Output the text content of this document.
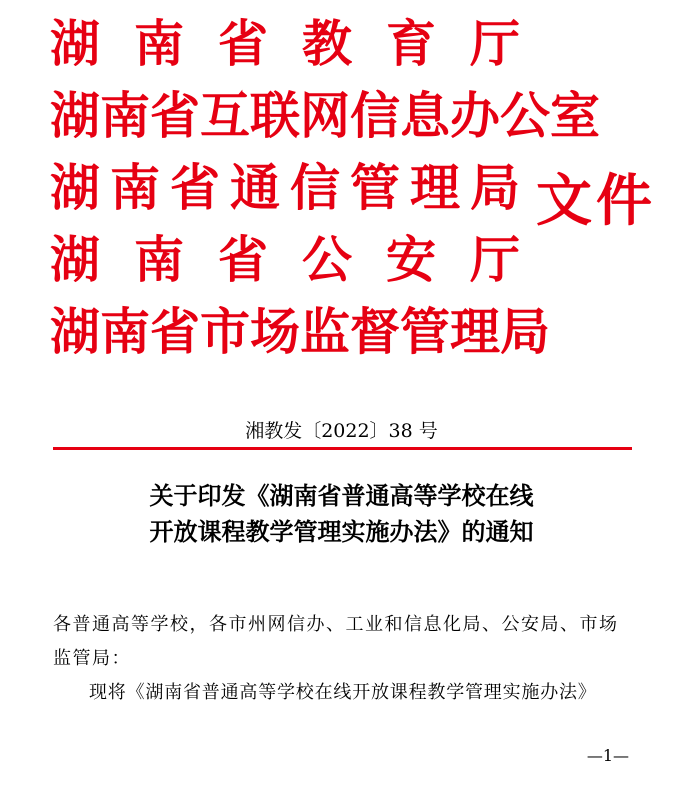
湖 南 省 教 育 厅
湖 南 省 互 联 网 信 息 办 公 室
湖 南 省 通 信 管 理 局
湖 南 省 公 安 厅
湖 南 省 市 场 监 督 管 理 局
文件
湘教发〔2022〕38 号
关于印发《湖南省普通高等学校在线
开放课程教学管理实施办法》的通知
各普通高等学校，各市州网信办、工业和信息化局、公安局、市场监管局：
现将《湖南省普通高等学校在线开放课程教学管理实施办法》
—1—
